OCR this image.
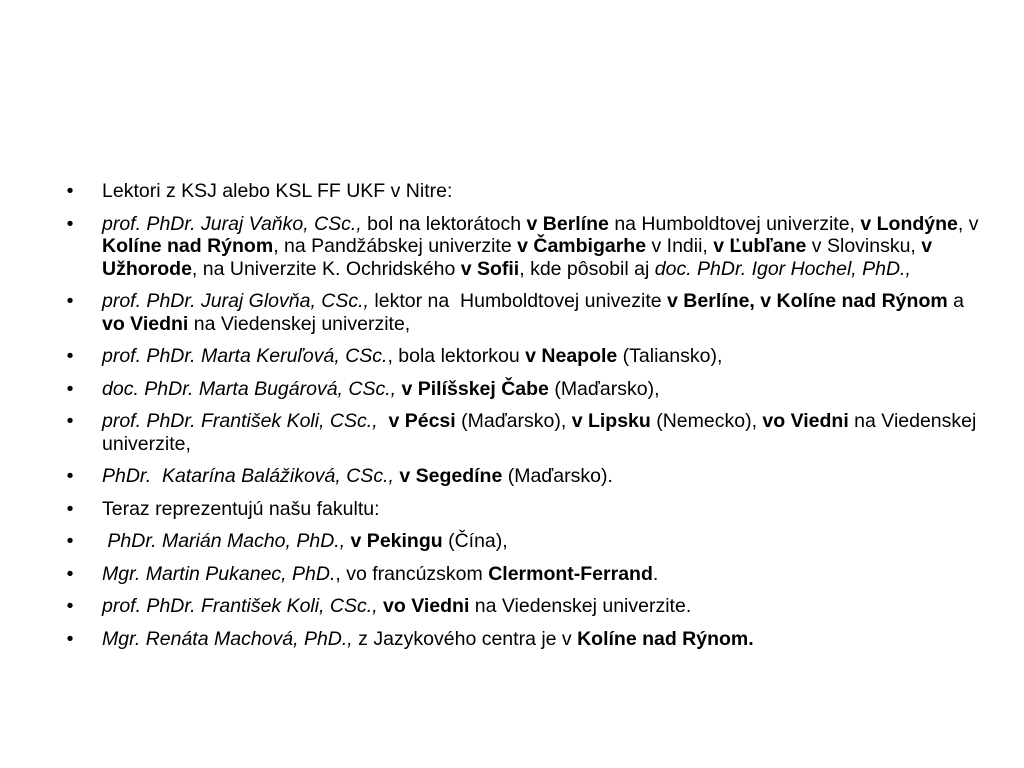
•	Lektori z KSJ alebo KSL FF UKF v Nitre:
•	prof. PhDr. Juraj Vaňko, CSc., bol na lektorátoch v Berlíne na Humboldtovej univerzite, v Londýne, v Kolíne nad Rýnom, na Pandžábskej univerzite v Čambigarhe v Indii, v Ľubľane v Slovinsku, v Užhorode, na Univerzite K. Ochridského v Sofii, kde pôsobil aj doc. PhDr. Igor Hochel, PhD.,
•	prof. PhDr. Juraj Glovňa, CSc., lektor na  Humboldtovej univezite v Berlíne, v Kolíne nad Rýnom a vo Viedni na Viedenskej univerzite,
•	prof. PhDr. Marta Keruľová, CSc., bola lektorkou v Neapole (Taliansko),
•	doc. PhDr. Marta Bugárová, CSc., v Pilíšskej Čabe (Maďarsko),
•	prof. PhDr. František Koli, CSc., v Pécsi (Maďarsko), v Lipsku (Nemecko), vo Viedni na Viedenskej  univerzite,
•	PhDr.  Katarína Balážiková, CSc., v Segedíne (Maďarsko).
•	Teraz reprezentujú našu fakultu:
•	PhDr. Marián Macho, PhD., v Pekingu (Čína),
•	Mgr. Martin Pukanec, PhD., vo francúzskom Clermont-Ferrand.
•	prof. PhDr. František Koli, CSc., vo Viedni na Viedenskej univerzite.
•	Mgr. Renáta Machová, PhD., z Jazykového centra je v Kolíne nad Rýnom.
